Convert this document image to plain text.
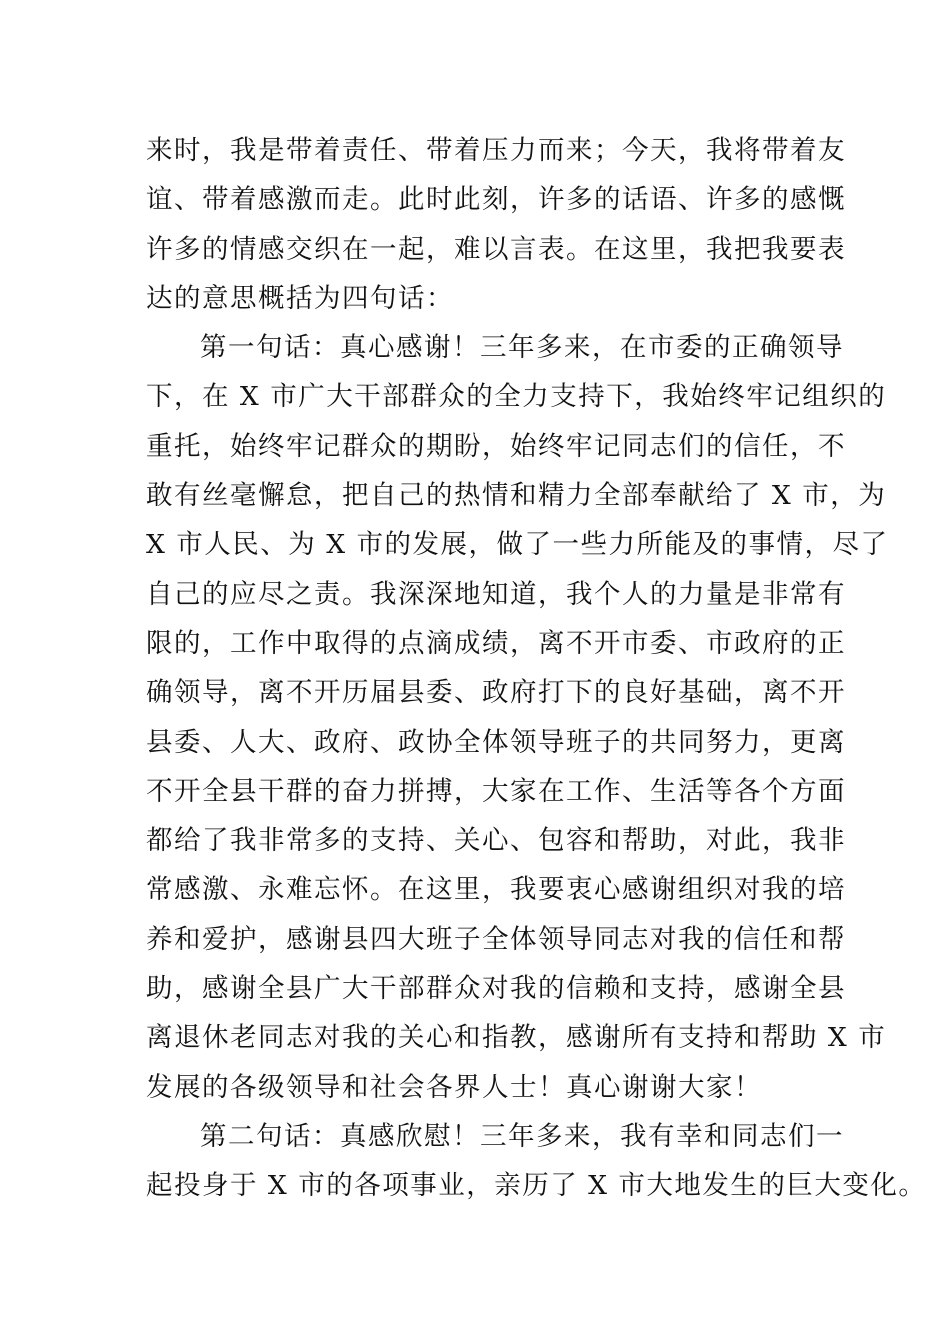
来时，我是带着责任、带着压力而来；今天，我将带着友
谊、带着感激而走。此时此刻，许多的话语、许多的感慨
许多的情感交织在一起，难以言表。在这里，我把我要表
达的意思概括为四句话：
第一句话：真心感谢！三年多来，在市委的正确领导
下，在 X 市广大干部群众的全力支持下，我始终牢记组织的
重托，始终牢记群众的期盼，始终牢记同志们的信任，不
敢有丝毫懈怠，把自己的热情和精力全部奉献给了 X 市，为
X 市人民、为 X 市的发展，做了一些力所能及的事情，尽了
自己的应尽之责。我深深地知道，我个人的力量是非常有
限的，工作中取得的点滴成绩，离不开市委、市政府的正
确领导，离不开历届县委、政府打下的良好基础，离不开
县委、人大、政府、政协全体领导班子的共同努力，更离
不开全县干群的奋力拼搏，大家在工作、生活等各个方面
都给了我非常多的支持、关心、包容和帮助，对此，我非
常感激、永难忘怀。在这里，我要衷心感谢组织对我的培
养和爱护，感谢县四大班子全体领导同志对我的信任和帮
助，感谢全县广大干部群众对我的信赖和支持，感谢全县
离退休老同志对我的关心和指教，感谢所有支持和帮助 X 市
发展的各级领导和社会各界人士！真心谢谢大家！
第二句话：真感欣慰！三年多来，我有幸和同志们一
起投身于 X 市的各项事业，亲历了 X 市大地发生的巨大变化。
